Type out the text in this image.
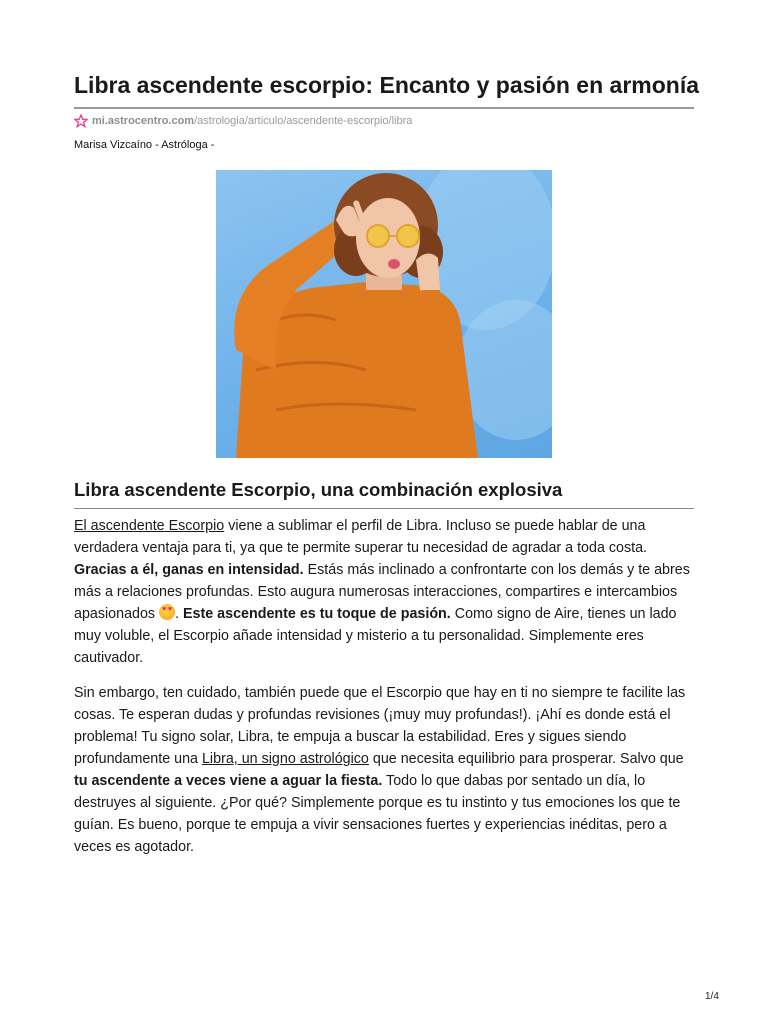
Libra ascendente escorpio: Encanto y pasión en armonía
mi.astrocentro.com /astrologia/articulo/ascendente-escorpio/libra
Marisa Vizcaíno - Astróloga -
Libra ascendente Escorpio, una combinación explosiva
El ascendente Escorpio viene a sublimar el perfil de Libra. Incluso se puede hablar de una verdadera ventaja para ti, ya que te permite superar tu necesidad de agradar a toda costa. Gracias a él, ganas en intensidad. Estás más inclinado a confrontarte con los demás y te abres más a relaciones profundas. Esto augura numerosas interacciones, compartires e intercambios apasionados ♥ ♥. Este ascendente es tu toque de pasión. Como signo de Aire, tienes un lado muy voluble, el Escorpio añade intensidad y misterio a tu personalidad. Simplemente eres cautivador.
Sin embargo, ten cuidado, también puede que el Escorpio que hay en ti no siempre te facilite las cosas. Te esperan dudas y profundas revisiones (¡muy muy profundas!). ¡Ahí es donde está el problema! Tu signo solar, Libra, te empuja a buscar la estabilidad. Eres y sigues siendo profundamente una Libra, un signo astrológico que necesita equilibrio para prosperar. Salvo que tu ascendente a veces viene a aguar la fiesta. Todo lo que dabas por sentado un día, lo destruyes al siguiente. ¿Por qué? Simplemente porque es tu instinto y tus emociones los que te guían. Es bueno, porque te empuja a vivir sensaciones fuertes y experiencias inéditas, pero a veces es agotador.
1/4
